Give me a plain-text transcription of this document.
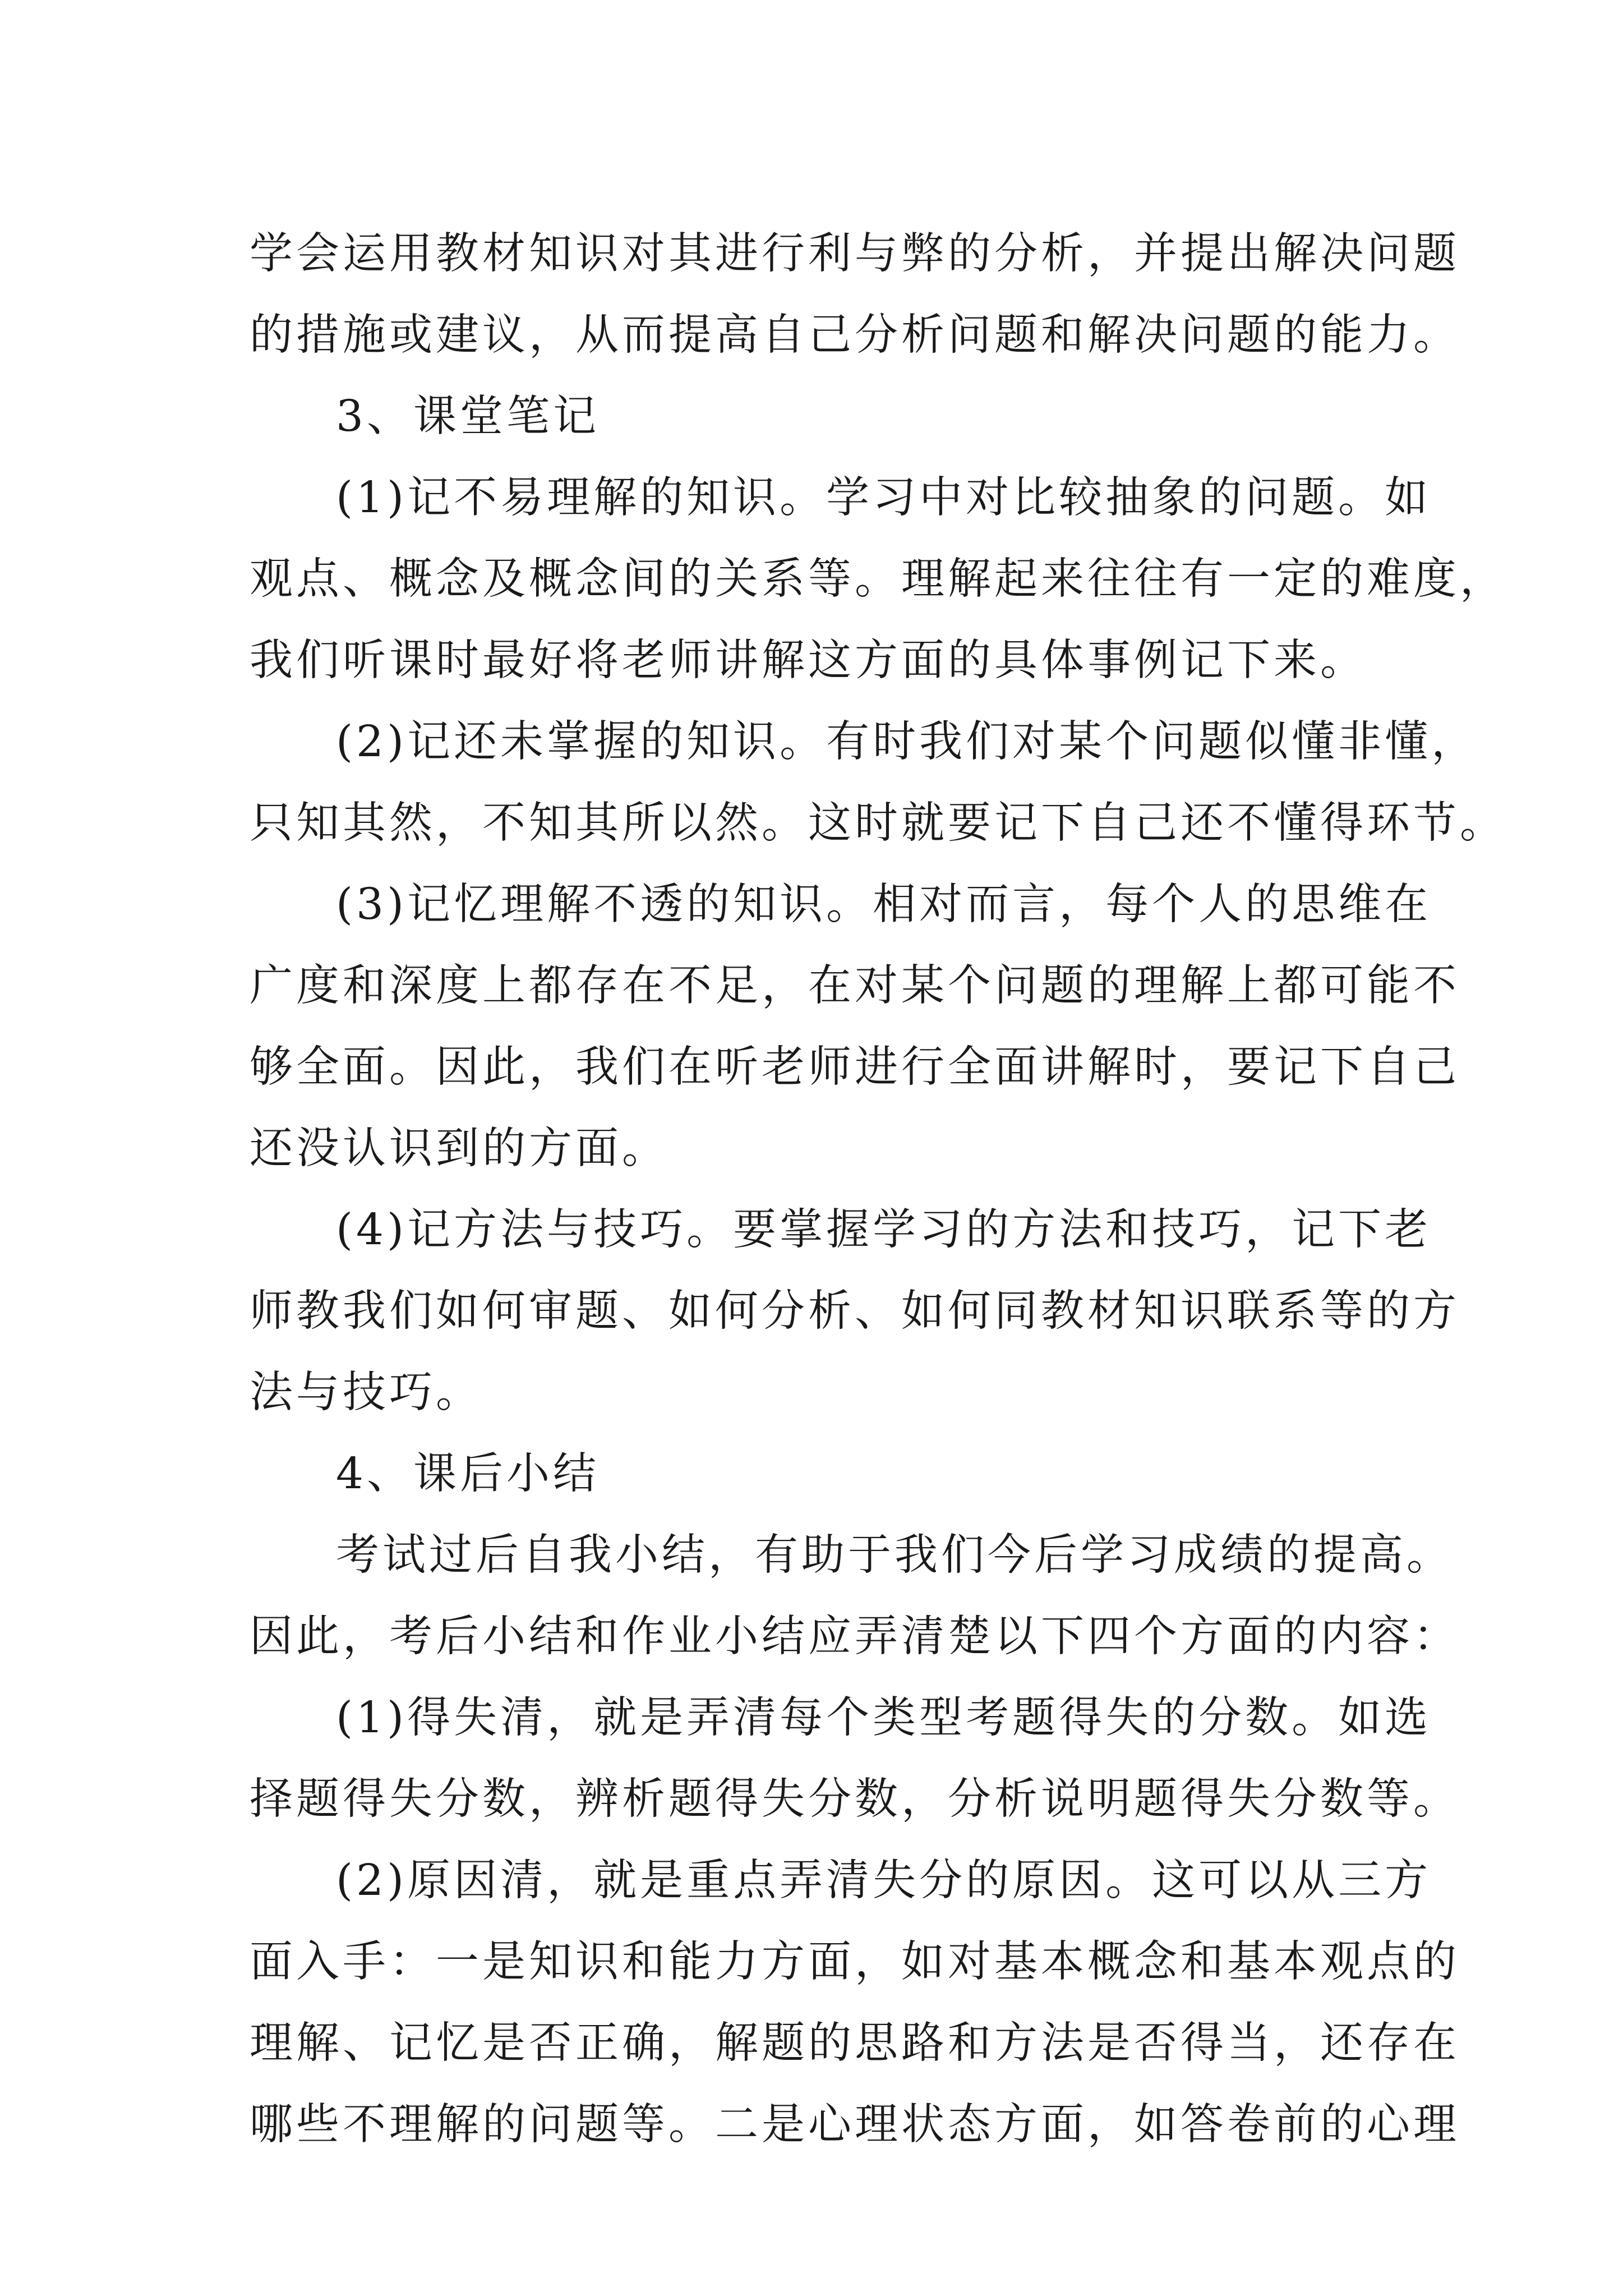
学会运用教材知识对其进行利与弊的分析，并提出解决问题
的措施或建议，从而提高自己分析问题和解决问题的能力。
3、课堂笔记
(1)记不易理解的知识。学习中对比较抽象的问题。如
观点、概念及概念间的关系等。理解起来往往有一定的难度，
我们听课时最好将老师讲解这方面的具体事例记下来。
(2)记还未掌握的知识。有时我们对某个问题似懂非懂，
只知其然，不知其所以然。这时就要记下自己还不懂得环节。
(3)记忆理解不透的知识。相对而言，每个人的思维在
广度和深度上都存在不足，在对某个问题的理解上都可能不
够全面。因此，我们在听老师进行全面讲解时，要记下自己
还没认识到的方面。
(4)记方法与技巧。要掌握学习的方法和技巧，记下老
师教我们如何审题、如何分析、如何同教材知识联系等的方
法与技巧。
4、课后小结
考试过后自我小结，有助于我们今后学习成绩的提高。
因此，考后小结和作业小结应弄清楚以下四个方面的内容：
(1)得失清，就是弄清每个类型考题得失的分数。如选
择题得失分数，辨析题得失分数，分析说明题得失分数等。
(2)原因清，就是重点弄清失分的原因。这可以从三方
面入手：一是知识和能力方面，如对基本概念和基本观点的
理解、记忆是否正确，解题的思路和方法是否得当，还存在
哪些不理解的问题等。二是心理状态方面，如答卷前的心理
